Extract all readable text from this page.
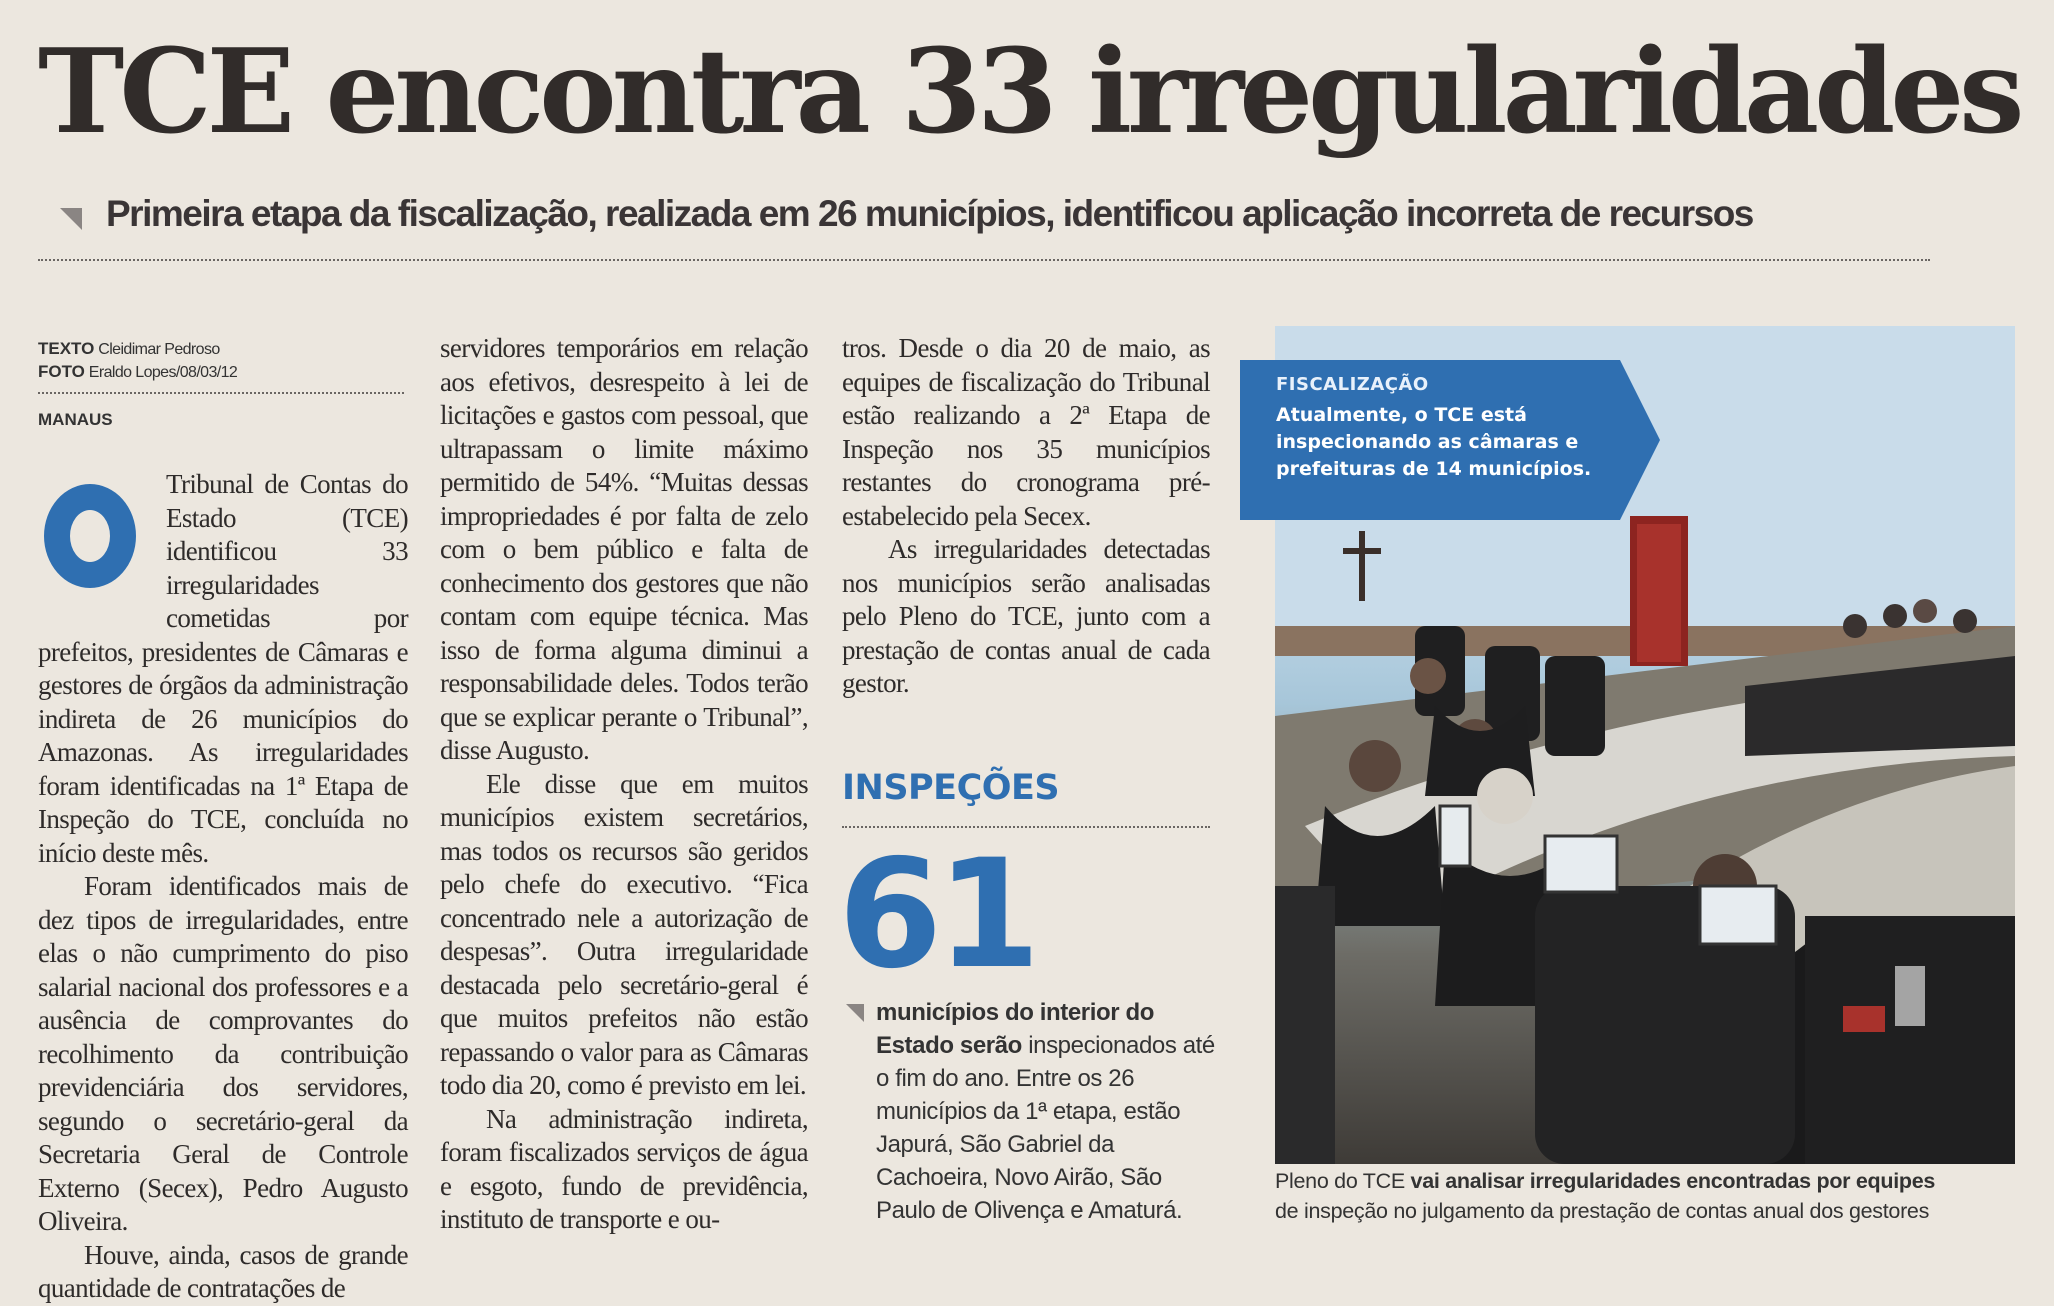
TCE encontra 33 irregularidades
Primeira etapa da fiscalização, realizada em 26 municípios, identificou aplicação incorreta de recursos
TEXTO Cleidimar Pedroso
FOTO Eraldo Lopes/08/03/12
MANAUS

Tribunal de Contas do Estado (TCE) identificou 33 irregularidades cometidas por prefeitos, presidentes de Câmaras e gestores de órgãos da administração indireta de 26 municípios do Amazonas. As irregularidades foram identificadas na 1ª Etapa de Inspeção do TCE, concluída no início deste mês.

Foram identificados mais de dez tipos de irregularidades, entre elas o não cumprimento do piso salarial nacional dos professores e a ausência de comprovantes do recolhimento da contribuição previdenciária dos servidores, segundo o secretário-geral da Secretaria Geral de Controle Externo (Secex), Pedro Augusto Oliveira.

Houve, ainda, casos de grande quantidade de contratações de

servidores temporários em relação aos efetivos, desrespeito à lei de licitações e gastos com pessoal, que ultrapassam o limite máximo permitido de 54%. “Muitas dessas impropriedades é por falta de zelo com o bem público e falta de conhecimento dos gestores que não contam com equipe técnica. Mas isso de forma alguma diminui a responsabilidade deles. Todos terão que se explicar perante o Tribunal”, disse Augusto.

Ele disse que em muitos municípios existem secretários, mas todos os recursos são geridos pelo chefe do executivo. “Fica concentrado nele a autorização de despesas”. Outra irregularidade destacada pelo secretário-geral é que muitos prefeitos não estão repassando o valor para as Câmaras todo dia 20, como é previsto em lei.

Na administração indireta, foram fiscalizados serviços de água e esgoto, fundo de previdência, instituto de transporte e ou-

tros. Desde o dia 20 de maio, as equipes de fiscalização do Tribunal estão realizando a 2ª Etapa de Inspeção nos 35 municípios restantes do cronograma pré-estabelecido pela Secex.

As irregularidades detectadas nos municípios serão analisadas pelo Pleno do TCE, junto com a prestação de contas anual de cada gestor.

INSPEÇÕES
61
municípios do interior do Estado serão inspecionados até o fim do ano. Entre os 26 municípios da 1ª etapa, estão Japurá, São Gabriel da Cachoeira, Novo Airão, São Paulo de Olivença e Amaturá.
FISCALIZAÇÃO
Atualmente, o TCE está inspecionando as câmaras e prefeituras de 14 municípios.
Pleno do TCE vai analisar irregularidades encontradas por equipes
de inspeção no julgamento da prestação de contas anual dos gestores
